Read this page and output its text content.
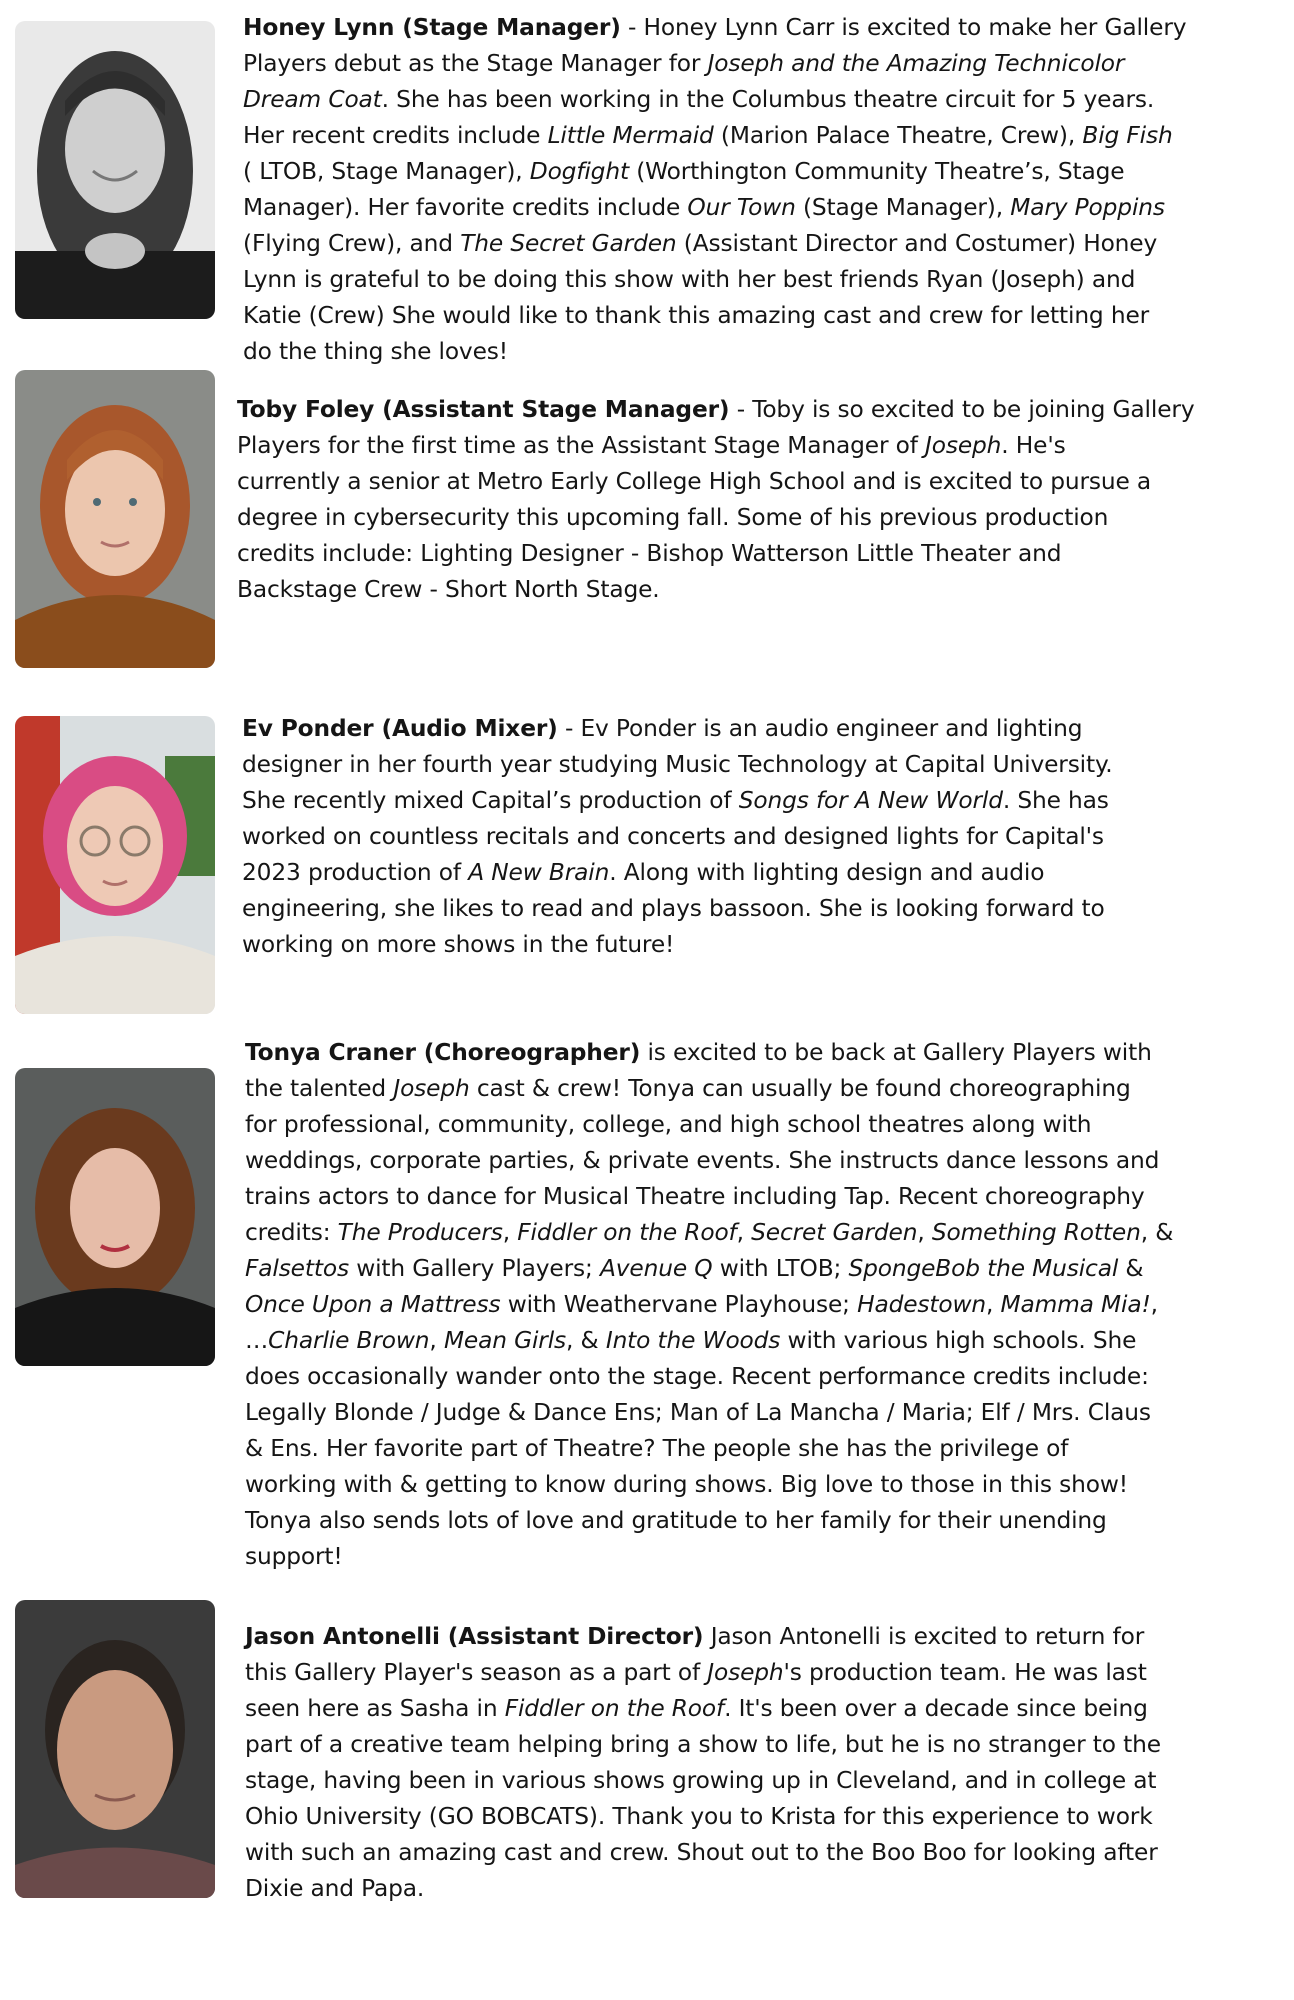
Honey Lynn (Stage Manager) - Honey Lynn Carr is excited to make her Gallery
Players debut as the Stage Manager for Joseph and the Amazing Technicolor
Dream Coat. She has been working in the Columbus theatre circuit for 5 years.
Her recent credits include Little Mermaid (Marion Palace Theatre, Crew), Big Fish
( LTOB, Stage Manager), Dogfight (Worthington Community Theatre’s, Stage
Manager). Her favorite credits include Our Town (Stage Manager), Mary Poppins
(Flying Crew), and The Secret Garden (Assistant Director and Costumer) Honey
Lynn is grateful to be doing this show with her best friends Ryan (Joseph) and
Katie (Crew) She would like to thank this amazing cast and crew for letting her
do the thing she loves!
Toby Foley (Assistant Stage Manager) - Toby is so excited to be joining Gallery
Players for the first time as the Assistant Stage Manager of Joseph. He's
currently a senior at Metro Early College High School and is excited to pursue a
degree in cybersecurity this upcoming fall. Some of his previous production
credits include: Lighting Designer - Bishop Watterson Little Theater and
Backstage Crew - Short North Stage.
Ev Ponder (Audio Mixer) - Ev Ponder is an audio engineer and lighting
designer in her fourth year studying Music Technology at Capital University.
She recently mixed Capital’s production of Songs for A New World. She has
worked on countless recitals and concerts and designed lights for Capital's
2023 production of A New Brain. Along with lighting design and audio
engineering, she likes to read and plays bassoon. She is looking forward to
working on more shows in the future!
Tonya Craner (Choreographer) is excited to be back at Gallery Players with
the talented Joseph cast & crew! Tonya can usually be found choreographing
for professional, community, college, and high school theatres along with
weddings, corporate parties, & private events. She instructs dance lessons and
trains actors to dance for Musical Theatre including Tap. Recent choreography
credits: The Producers, Fiddler on the Roof, Secret Garden, Something Rotten, &
Falsettos with Gallery Players; Avenue Q with LTOB; SpongeBob the Musical &
Once Upon a Mattress with Weathervane Playhouse; Hadestown, Mamma Mia!,
…Charlie Brown, Mean Girls, & Into the Woods with various high schools. She
does occasionally wander onto the stage. Recent performance credits include:
Legally Blonde / Judge & Dance Ens; Man of La Mancha / Maria; Elf / Mrs. Claus
& Ens. Her favorite part of Theatre? The people she has the privilege of
working with & getting to know during shows. Big love to those in this show!
Tonya also sends lots of love and gratitude to her family for their unending
support!
Jason Antonelli (Assistant Director) Jason Antonelli is excited to return for
this Gallery Player's season as a part of Joseph's production team. He was last
seen here as Sasha in Fiddler on the Roof. It's been over a decade since being
part of a creative team helping bring a show to life, but he is no stranger to the
stage, having been in various shows growing up in Cleveland, and in college at
Ohio University (GO BOBCATS). Thank you to Krista for this experience to work
with such an amazing cast and crew. Shout out to the Boo Boo for looking after
Dixie and Papa.
